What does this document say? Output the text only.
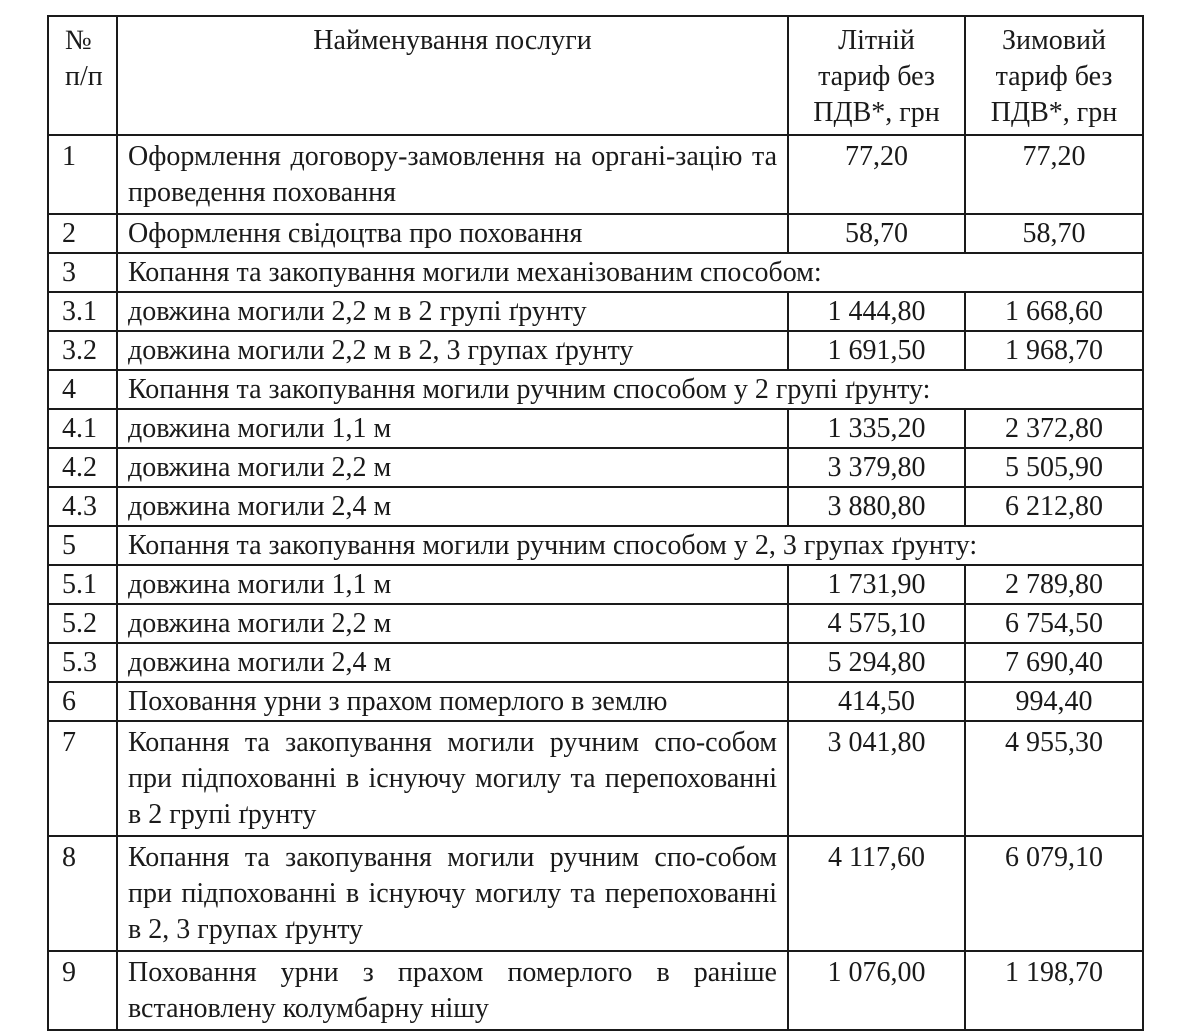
№ п/п	Найменування послуги	Літній тариф без ПДВ*, грн	Зимовий тариф без ПДВ*, грн
1	Оформлення договору-замовлення на органі-зацію та проведення поховання	77,20	77,20
2	Оформлення свідоцтва про поховання	58,70	58,70
3	Копання та закопування могили механізованим способом:		
3.1	довжина могили 2,2 м в 2 групі ґрунту	1 444,80	1 668,60
3.2	довжина могили 2,2 м в 2, 3 групах ґрунту	1 691,50	1 968,70
4	Копання та закопування могили ручним способом у 2 групі ґрунту:		
4.1	довжина могили 1,1 м	1 335,20	2 372,80
4.2	довжина могили 2,2 м	3 379,80	5 505,90
4.3	довжина могили 2,4 м	3 880,80	6 212,80
5	Копання та закопування могили ручним способом у 2, 3 групах ґрунту:		
5.1	довжина могили 1,1 м	1 731,90	2 789,80
5.2	довжина могили 2,2 м	4 575,10	6 754,50
5.3	довжина могили 2,4 м	5 294,80	7 690,40
6	Поховання урни з прахом померлого в землю	414,50	994,40
7	Копання та закопування могили ручним спо-собом при підпохованні в існуючу могилу та перепохованні в 2 групі ґрунту	3 041,80	4 955,30
8	Копання та закопування могили ручним спо-собом при підпохованні в існуючу могилу та перепохованні в 2, 3 групах ґрунту	4 117,60	6 079,10
9	Поховання урни з прахом померлого в раніше встановлену колумбарну нішу	1 076,00	1 198,70
